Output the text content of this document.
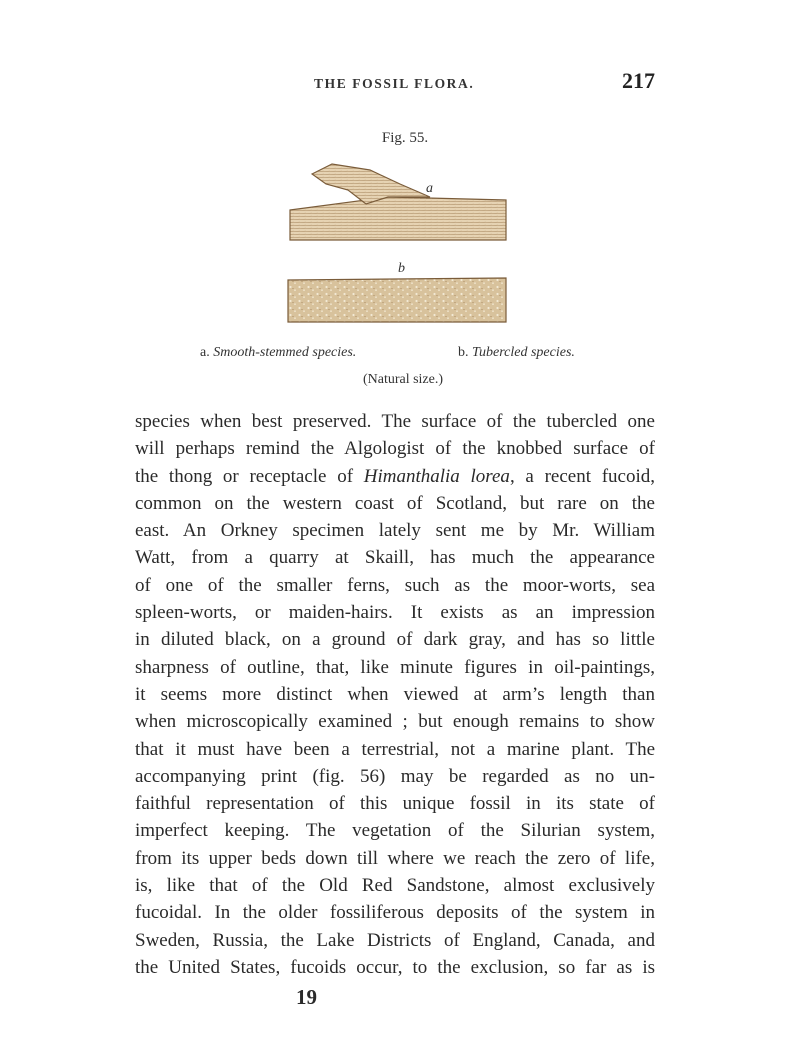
THE FOSSIL FLORA.	217
Fig. 55.
a
b
a. Smooth-stemmed species.	b. Tubercled species.
(Natural size.)
species when best preserved. The surface of the tubercled one
will perhaps remind the Algologist of the knobbed surface of
the thong or receptacle of Himanthalia lorea, a recent fucoid,
common on the western coast of Scotland, but rare on the
east. An Orkney specimen lately sent me by Mr. William
Watt, from a quarry at Skaill, has much the appearance
of one of the smaller ferns, such as the moor-worts, sea
spleen-worts, or maiden-hairs. It exists as an impression
in diluted black, on a ground of dark gray, and has so little
sharpness of outline, that, like minute figures in oil-paintings,
it seems more distinct when viewed at arm’s length than
when microscopically examined ; but enough remains to show
that it must have been a terrestrial, not a marine plant. The
accompanying print (fig. 56) may be regarded as no un-
faithful representation of this unique fossil in its state of
imperfect keeping. The vegetation of the Silurian system,
from its upper beds down till where we reach the zero of life,
is, like that of the Old Red Sandstone, almost exclusively
fucoidal. In the older fossiliferous deposits of the system in
Sweden, Russia, the Lake Districts of England, Canada, and
the United States, fucoids occur, to the exclusion, so far as is
19
